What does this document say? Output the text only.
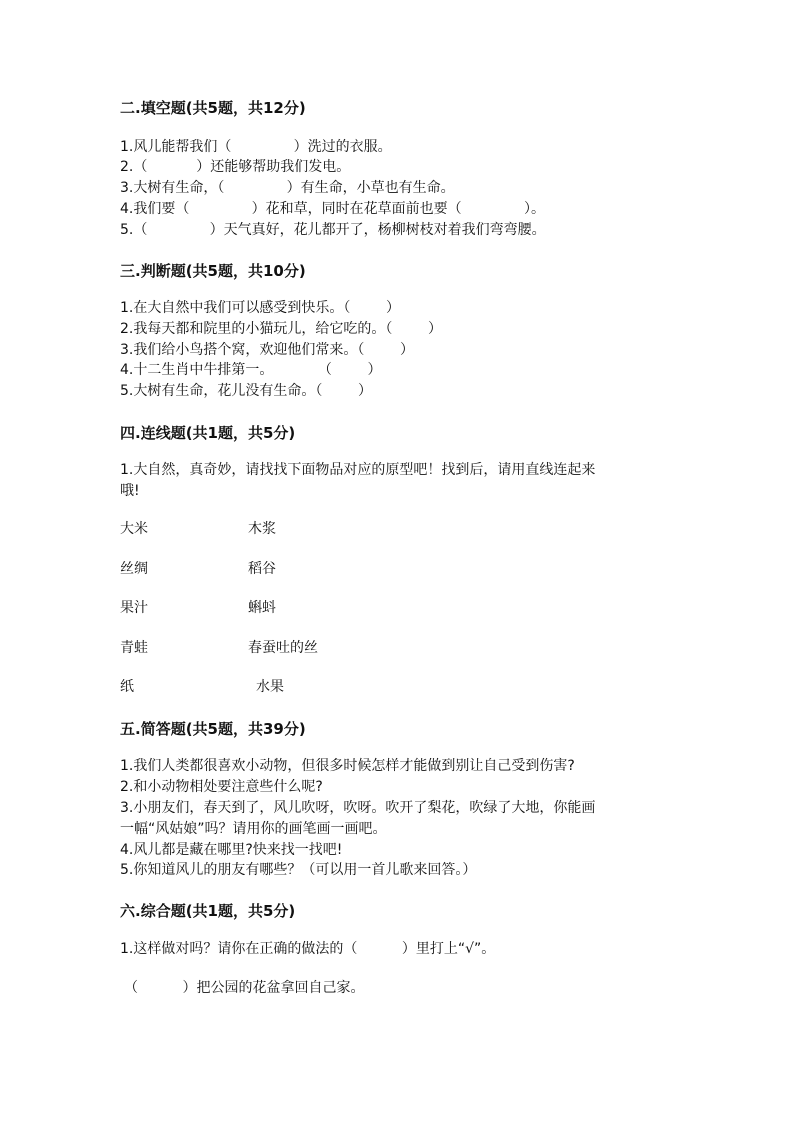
二.填空题(共5题，共12分)
1.风儿能帮我们（              ）洗过的衣服。
2.（           ）还能够帮助我们发电。
3.大树有生命，（              ）有生命，小草也有生命。
4.我们要（              ）花和草，同时在花草面前也要（              ）。
5.（              ）天气真好，花儿都开了，杨柳树枝对着我们弯弯腰。
三.判断题(共5题，共10分)
1.在大自然中我们可以感受到快乐。（        ）
2.我每天都和院里的小猫玩儿，给它吃的。（        ）
3.我们给小鸟搭个窝，欢迎他们常来。（        ）
4.十二生肖中牛排第一。          （        ）
5.大树有生命，花儿没有生命。（        ）
四.连线题(共1题，共5分)
1.大自然，真奇妙，请找找下面物品对应的原型吧！找到后，请用直线连起来
哦!
大米	木浆
丝绸	稻谷
果汁	蝌蚪
青蛙	春蚕吐的丝
纸	水果
五.简答题(共5题，共39分)
1.我们人类都很喜欢小动物，但很多时候怎样才能做到别让自己受到伤害?
2.和小动物相处要注意些什么呢?
3.小朋友们，春天到了，风儿吹呀，吹呀。吹开了梨花，吹绿了大地，你能画
一幅“风姑娘”吗？请用你的画笔画一画吧。
4.风儿都是藏在哪里?快来找一找吧!
5.你知道风儿的朋友有哪些？（可以用一首儿歌来回答。）
六.综合题(共1题，共5分)
1.这样做对吗？请你在正确的做法的（          ）里打上“√”。
（          ）把公园的花盆拿回自己家。
